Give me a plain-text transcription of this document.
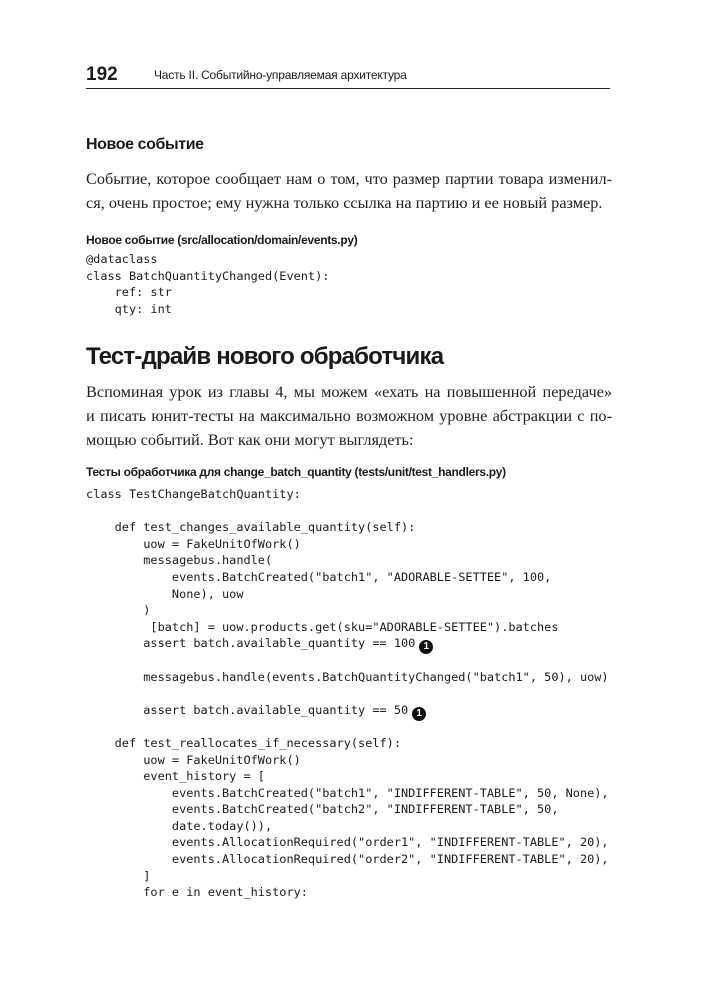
192	Часть II. Событийно-управляемая архитектура
Новое событие
Событие, которое сообщает нам о том, что размер партии товара изменил-
ся, очень простое; ему нужна только ссылка на партию и ее новый размер.
Новое событие (src/allocation/domain/events.py)
@dataclass
class BatchQuantityChanged(Event):
ref: str
qty: int
Тест-драйв нового обработчика
Вспоминая урок из главы 4, мы можем «ехать на повышенной передаче»
и писать юнит-тесты на максимально возможном уровне абстракции с по-
мощью событий. Вот как они могут выглядеть:
Тесты обработчика для change_batch_quantity (tests/unit/test_handlers.py)
class TestChangeBatchQuantity:
def test_changes_available_quantity(self):
uow = FakeUnitOfWork()
messagebus.handle(
events.BatchCreated("batch1", "ADORABLE-SETTEE", 100,
None), uow
)
[batch] = uow.products.get(sku="ADORABLE-SETTEE").batches
assert batch.available_quantity == 100 1
messagebus.handle(events.BatchQuantityChanged("batch1", 50), uow)
assert batch.available_quantity == 50 1
def test_reallocates_if_necessary(self):
uow = FakeUnitOfWork()
event_history = [
events.BatchCreated("batch1", "INDIFFERENT-TABLE", 50, None),
events.BatchCreated("batch2", "INDIFFERENT-TABLE", 50,
date.today()),
events.AllocationRequired("order1", "INDIFFERENT-TABLE", 20),
events.AllocationRequired("order2", "INDIFFERENT-TABLE", 20),
]
for e in event_history:
